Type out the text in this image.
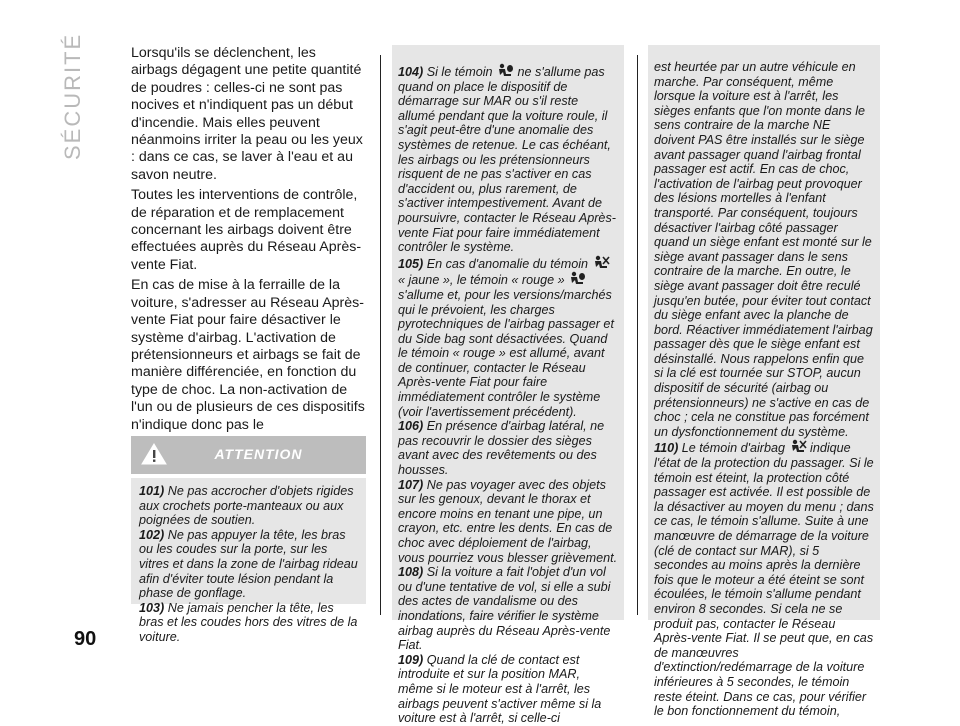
SÉCURITÉ
90

Lorsqu'ils se déclenchent, les airbags dégagent une petite quantité de poudres : celles-ci ne sont pas nocives et n'indiquent pas un début d'incendie. Mais elles peuvent néanmoins irriter la peau ou les yeux : dans ce cas, se laver à l'eau et au savon neutre.

Toutes les interventions de contrôle, de réparation et de remplacement concernant les airbags doivent être effectuées auprès du Réseau Après-vente Fiat.

En cas de mise à la ferraille de la voiture, s'adresser au Réseau Après-vente Fiat pour faire désactiver le système d'airbag. L'activation de prétensionneurs et airbags se fait de manière différenciée, en fonction du type de choc. La non-activation de l'un ou de plusieurs de ces dispositifs n'indique donc pas le

ATTENTION

101) Ne pas accrocher d'objets rigides aux crochets porte-manteaux ou aux poignées de soutien.

102) Ne pas appuyer la tête, les bras ou les coudes sur la porte, sur les vitres et dans la zone de l'airbag rideau afin d'éviter toute lésion pendant la phase de gonflage.

103) Ne jamais pencher la tête, les bras et les coudes hors des vitres de la voiture.

104) Si le témoin ne s'allume pas quand on place le dispositif de démarrage sur MAR ou s'il reste allumé pendant que la voiture roule, il s'agit peut-être d'une anomalie des systèmes de retenue. Le cas échéant, les airbags ou les prétensionneurs risquent de ne pas s'activer en cas d'accident ou, plus rarement, de s'activer intempestivement. Avant de poursuivre, contacter le Réseau Après-vente Fiat pour faire immédiatement contrôler le système.

105) En cas d'anomalie du témoin  « jaune », le témoin « rouge »  s'allume et, pour les versions/marchés qui le prévoient, les charges pyrotechniques de l'airbag passager et du Side bag sont désactivées. Quand le témoin « rouge » est allumé, avant de continuer, contacter le Réseau Après-vente Fiat pour faire immédiatement contrôler le système (voir l'avertissement précédent).

106) En présence d'airbag latéral, ne pas recouvrir le dossier des sièges avant avec des revêtements ou des housses.

107) Ne pas voyager avec des objets sur les genoux, devant le thorax et encore moins en tenant une pipe, un crayon, etc. entre les dents. En cas de choc avec déploiement de l'airbag, vous pourriez vous blesser grièvement.

108) Si la voiture a fait l'objet d'un vol ou d'une tentative de vol, si elle a subi des actes de vandalisme ou des inondations, faire vérifier le système airbag auprès du Réseau Après-vente Fiat.

109) Quand la clé de contact est introduite et sur la position MAR, même si le moteur est à l'arrêt, les airbags peuvent s'activer même si la voiture est à l'arrêt, si celle-ci

est heurtée par un autre véhicule en marche. Par conséquent, même lorsque la voiture est à l'arrêt, les sièges enfants que l'on monte dans le sens contraire de la marche NE doivent PAS être installés sur le siège avant passager quand l'airbag frontal passager est actif. En cas de choc, l'activation de l'airbag peut provoquer des lésions mortelles à l'enfant transporté. Par conséquent, toujours désactiver l'airbag côté passager quand un siège enfant est monté sur le siège avant passager dans le sens contraire de la marche. En outre, le siège avant passager doit être reculé jusqu'en butée, pour éviter tout contact du siège enfant avec la planche de bord. Réactiver immédiatement l'airbag passager dès que le siège enfant est désinstallé. Nous rappelons enfin que si la clé est tournée sur STOP, aucun dispositif de sécurité (airbag ou prétensionneurs) ne s'active en cas de choc ; cela ne constitue pas forcément un dysfonctionnement du système.

110) Le témoin d'airbag indique l'état de la protection du passager. Si le témoin est éteint, la protection côté passager est activée. Il est possible de la désactiver au moyen du menu ; dans ce cas, le témoin s'allume. Suite à une manœuvre de démarrage de la voiture (clé de contact sur MAR), si 5 secondes au moins après la dernière fois que le moteur a été éteint se sont écoulées, le témoin s'allume pendant environ 8 secondes. Si cela ne se produit pas, contacter le Réseau Après-vente Fiat. Il se peut que, en cas de manœuvres d'extinction/redémarrage de la voiture inférieures à 5 secondes, le témoin reste éteint. Dans ce cas, pour vérifier le bon fonctionnement du témoin,
